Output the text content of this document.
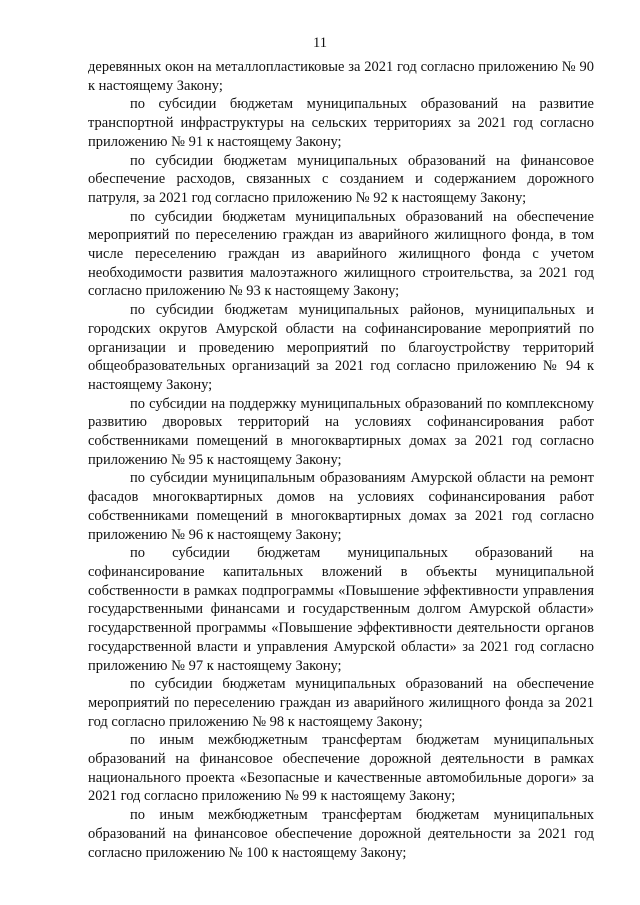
11

деревянных окон на металлопластиковые за 2021 год согласно приложению № 90 к настоящему Закону;

по субсидии бюджетам муниципальных образований на развитие транспортной инфраструктуры на сельских территориях за 2021 год согласно приложению № 91 к настоящему Закону;

по субсидии бюджетам муниципальных образований на финансовое обеспечение расходов, связанных с созданием и содержанием дорожного патруля, за 2021 год согласно приложению № 92 к настоящему Закону;

по субсидии бюджетам муниципальных образований на обеспечение мероприятий по переселению граждан из аварийного жилищного фонда, в том числе переселению граждан из аварийного жилищного фонда с учетом необходимости развития малоэтажного жилищного строительства, за 2021 год согласно приложению № 93 к настоящему Закону;

по субсидии бюджетам муниципальных районов, муниципальных и городских округов Амурской области на софинансирование мероприятий по организации и проведению мероприятий по благоустройству территорий общеобразовательных организаций за 2021 год согласно приложению № 94 к настоящему Закону;

по субсидии на поддержку муниципальных образований по комплексному развитию дворовых территорий на условиях софинансирования работ собственниками помещений в многоквартирных домах за 2021 год согласно приложению № 95 к настоящему Закону;

по субсидии муниципальным образованиям Амурской области на ремонт фасадов многоквартирных домов на условиях софинансирования работ собственниками помещений в многоквартирных домах за 2021 год согласно приложению № 96 к настоящему Закону;

по субсидии бюджетам муниципальных образований на софинансирование капитальных вложений в объекты муниципальной собственности в рамках подпрограммы «Повышение эффективности управления государственными финансами и государственным долгом Амурской области» государственной программы «Повышение эффективности деятельности органов государственной власти и управления Амурской области» за 2021 год согласно приложению № 97 к настоящему Закону;

по субсидии бюджетам муниципальных образований на обеспечение мероприятий по переселению граждан из аварийного жилищного фонда за 2021 год согласно приложению № 98 к настоящему Закону;

по иным межбюджетным трансфертам бюджетам муниципальных образований на финансовое обеспечение дорожной деятельности в рамках национального проекта «Безопасные и качественные автомобильные дороги» за 2021 год согласно приложению № 99 к настоящему Закону;

по иным межбюджетным трансфертам бюджетам муниципальных образований на финансовое обеспечение дорожной деятельности за 2021 год согласно приложению № 100 к настоящему Закону;
